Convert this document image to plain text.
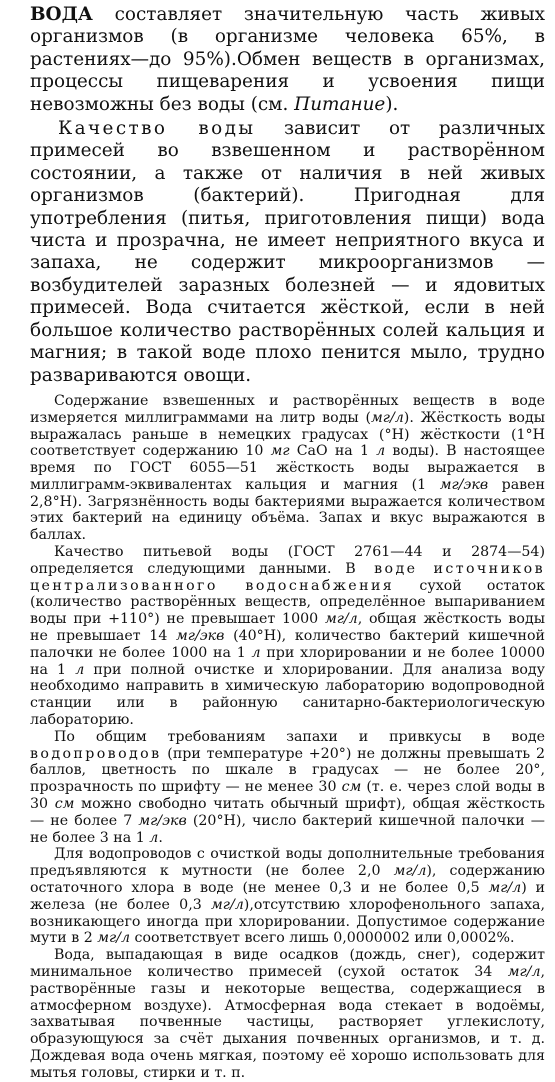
ВОДА составляет значительную часть живых организмов (в организме человека 65%, в растениях—до 95%).Обмен веществ в организмах, процессы пищеварения и усвоения пищи невозможны без воды (см. Питание).

Качество воды зависит от различных примесей во взвешенном и растворённом состоянии, а также от наличия в ней живых организмов (бактерий). Пригодная для употребления (питья, приготовления пищи) вода чиста и прозрачна, не имеет неприятного вкуса и запаха, не содержит микроорганизмов — возбудителей заразных болезней — и ядовитых примесей. Вода считается жёсткой, если в ней большое количество растворённых солей кальция и магния; в такой воде плохо пенится мыло, трудно развариваются овощи.

Содержание взвешенных и растворённых веществ в воде измеряется миллиграммами на литр воды (мг/л). Жёсткость воды выражалась раньше в немецких градусах (°Н) жёсткости (1°Н соответствует содержанию 10 мг СаО на 1 л воды). В настоящее время по ГОСТ 6055—51 жёсткость воды выражается в миллиграмм-эквивалентах кальция и магния (1 мг/экв равен 2,8°Н). Загрязнённость воды бактериями выражается количеством этих бактерий на единицу объёма. Запах и вкус выражаются в баллах.

Качество питьевой воды (ГОСТ 2761—44 и 2874—54) определяется следующими данными. В воде источников централизованного водоснабжения сухой остаток (количество растворённых веществ, определённое выпариванием воды при +110°) не превышает 1000 мг/л, общая жёсткость воды не превышает 14 мг/экв (40°Н), количество бактерий кишечной палочки не более 1000 на 1 л при хлорировании и не более 10000 на 1 л при полной очистке и хлорировании. Для анализа воду необходимо направить в химическую лабораторию водопроводной станции или в районную санитарно-бактериологическую лабораторию.

По общим требованиям запахи и привкусы в воде водопроводов (при температуре +20°) не должны превышать 2 баллов, цветность по шкале в градусах — не более 20°, прозрачность по шрифту — не менее 30 см (т. е. через слой воды в 30 см можно свободно читать обычный шрифт), общая жёсткость — не более 7 мг/экв (20°Н), число бактерий кишечной палочки — не более 3 на 1 л.

Для водопроводов с очисткой воды дополнительные требования предъявляются к мутности (не более 2,0 мг/л), содержанию остаточного хлора в воде (не менее 0,3 и не более 0,5 мг/л) и железа (не более 0,3 мг/л),отсутствию хлорофенольного запаха, возникающего иногда при хлорировании. Допустимое содержание мути в 2 мг/л соответствует всего лишь 0,0000002 или 0,0002%.

Вода, выпадающая в виде осадков (дождь, снег), содержит минимальное количество примесей (сухой остаток 34 мг/л, растворённые газы и некоторые вещества, содержащиеся в атмосферном воздухе). Атмосферная вода стекает в водоёмы, захватывая почвенные частицы, растворяет углекислоту, образующуюся за счёт дыхания почвенных организмов, и т. д. Дождевая вода очень мягкая, поэтому её хорошо использовать для мытья головы, стирки и т. п.
